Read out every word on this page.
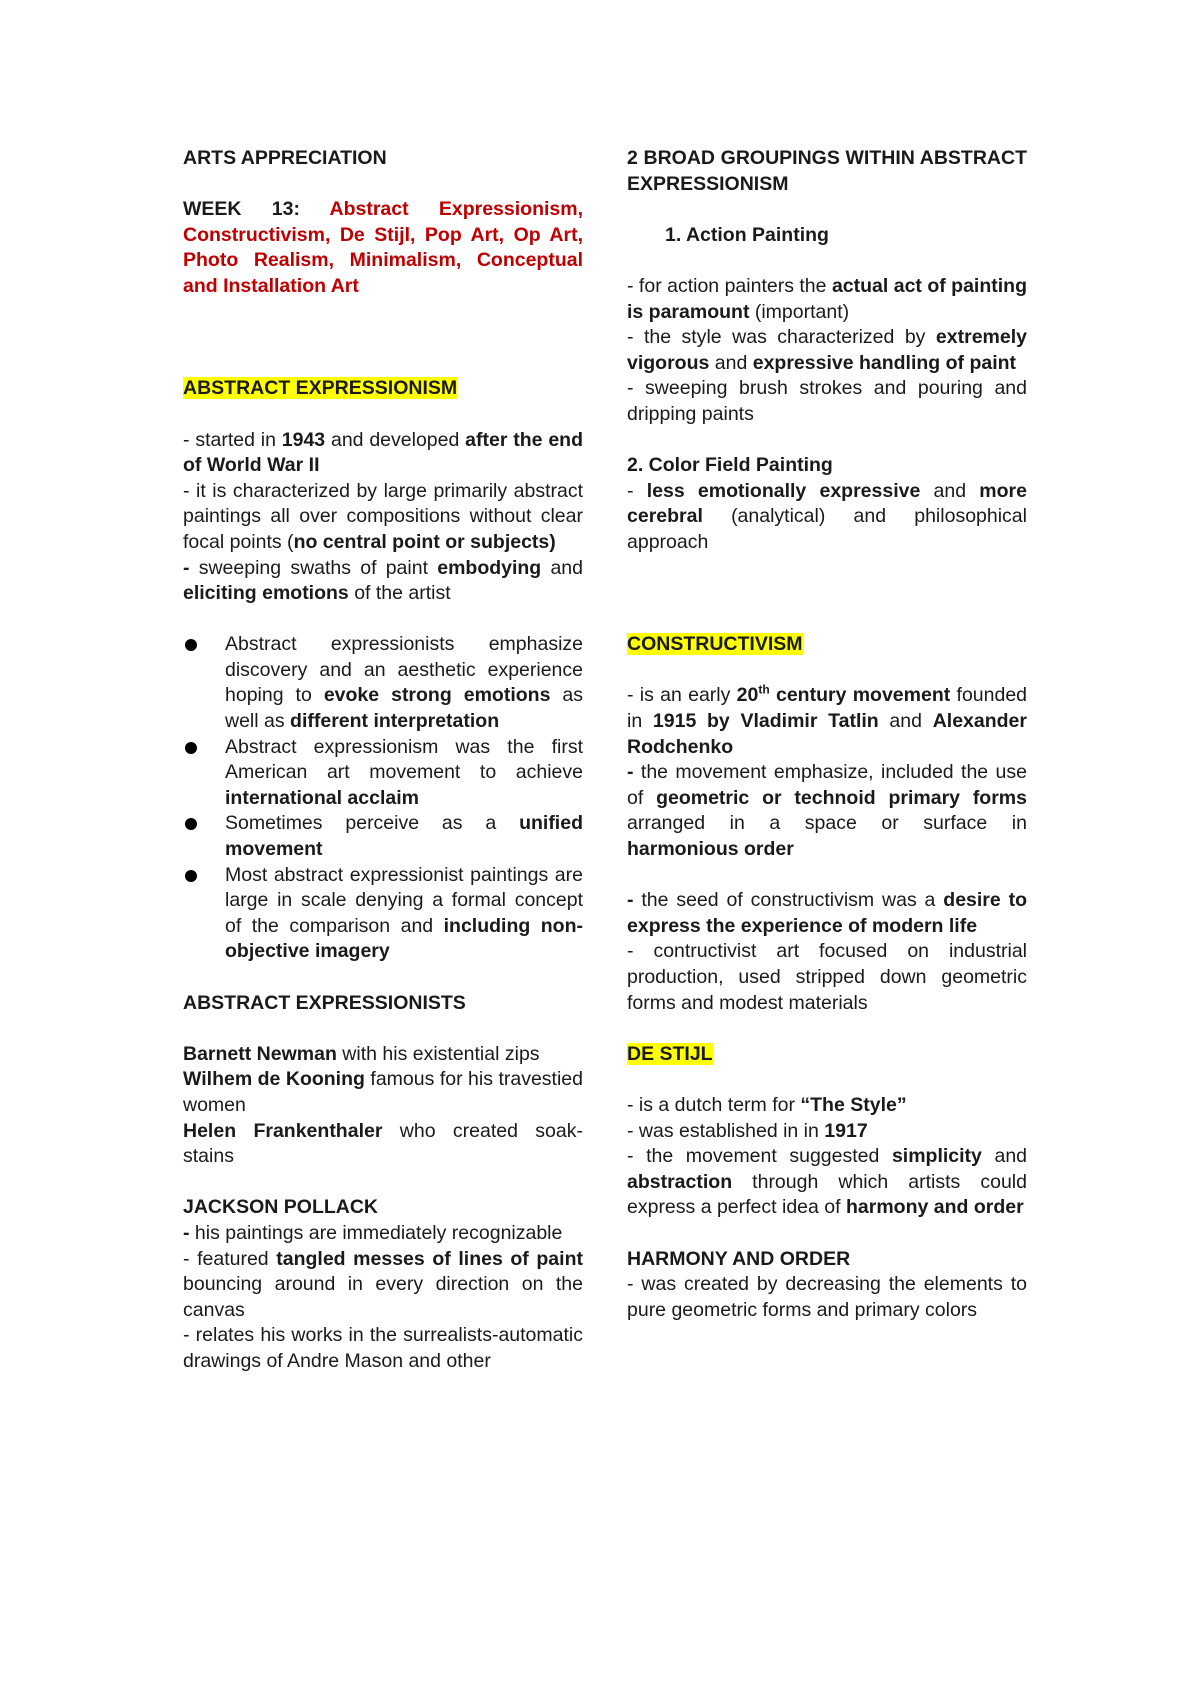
ARTS APPRECIATION

WEEK 13: Abstract Expressionism, Constructivism, De Stijl, Pop Art, Op Art, Photo Realism, Minimalism, Conceptual and Installation Art

ABSTRACT EXPRESSIONISM

- started in 1943 and developed after the end of World War II

- it is characterized by large primarily abstract paintings all over compositions without clear focal points (no central point or subjects)

- sweeping swaths of paint embodying and eliciting emotions of the artist

Abstract expressionists emphasize discovery and an aesthetic experience hoping to evoke strong emotions as well as different interpretation
Abstract expressionism was the first American art movement to achieve international acclaim
Sometimes perceive as a unified movement
Most abstract expressionist paintings are large in scale denying a formal concept of the comparison and including non-objective imagery

ABSTRACT EXPRESSIONISTS

Barnett Newman with his existential zips

Wilhem de Kooning famous for his travestied women

Helen Frankenthaler who created soak-stains

JACKSON POLLACK

- his paintings are immediately recognizable

- featured tangled messes of lines of paint bouncing around in every direction on the canvas

- relates his works in the surrealists-automatic drawings of Andre Mason and other

2 BROAD GROUPINGS WITHIN ABSTRACT EXPRESSIONISM

1. Action Painting

- for action painters the actual act of painting is paramount (important)

- the style was characterized by extremely vigorous and expressive handling of paint

- sweeping brush strokes and pouring and dripping paints

2. Color Field Painting

- less emotionally expressive and more cerebral (analytical) and philosophical approach

CONSTRUCTIVISM

- is an early 20th century movement founded in 1915 by Vladimir Tatlin and Alexander Rodchenko

- the movement emphasize, included the use of geometric or technoid primary forms arranged in a space or surface in harmonious order

- the seed of constructivism was a desire to express the experience of modern life

- contructivist art focused on industrial production, used stripped down geometric forms and modest materials

DE STIJL

- is a dutch term for “The Style”

- was established in in 1917

- the movement suggested simplicity and abstraction through which artists could express a perfect idea of harmony and order

HARMONY AND ORDER

- was created by decreasing the elements to pure geometric forms and primary colors
